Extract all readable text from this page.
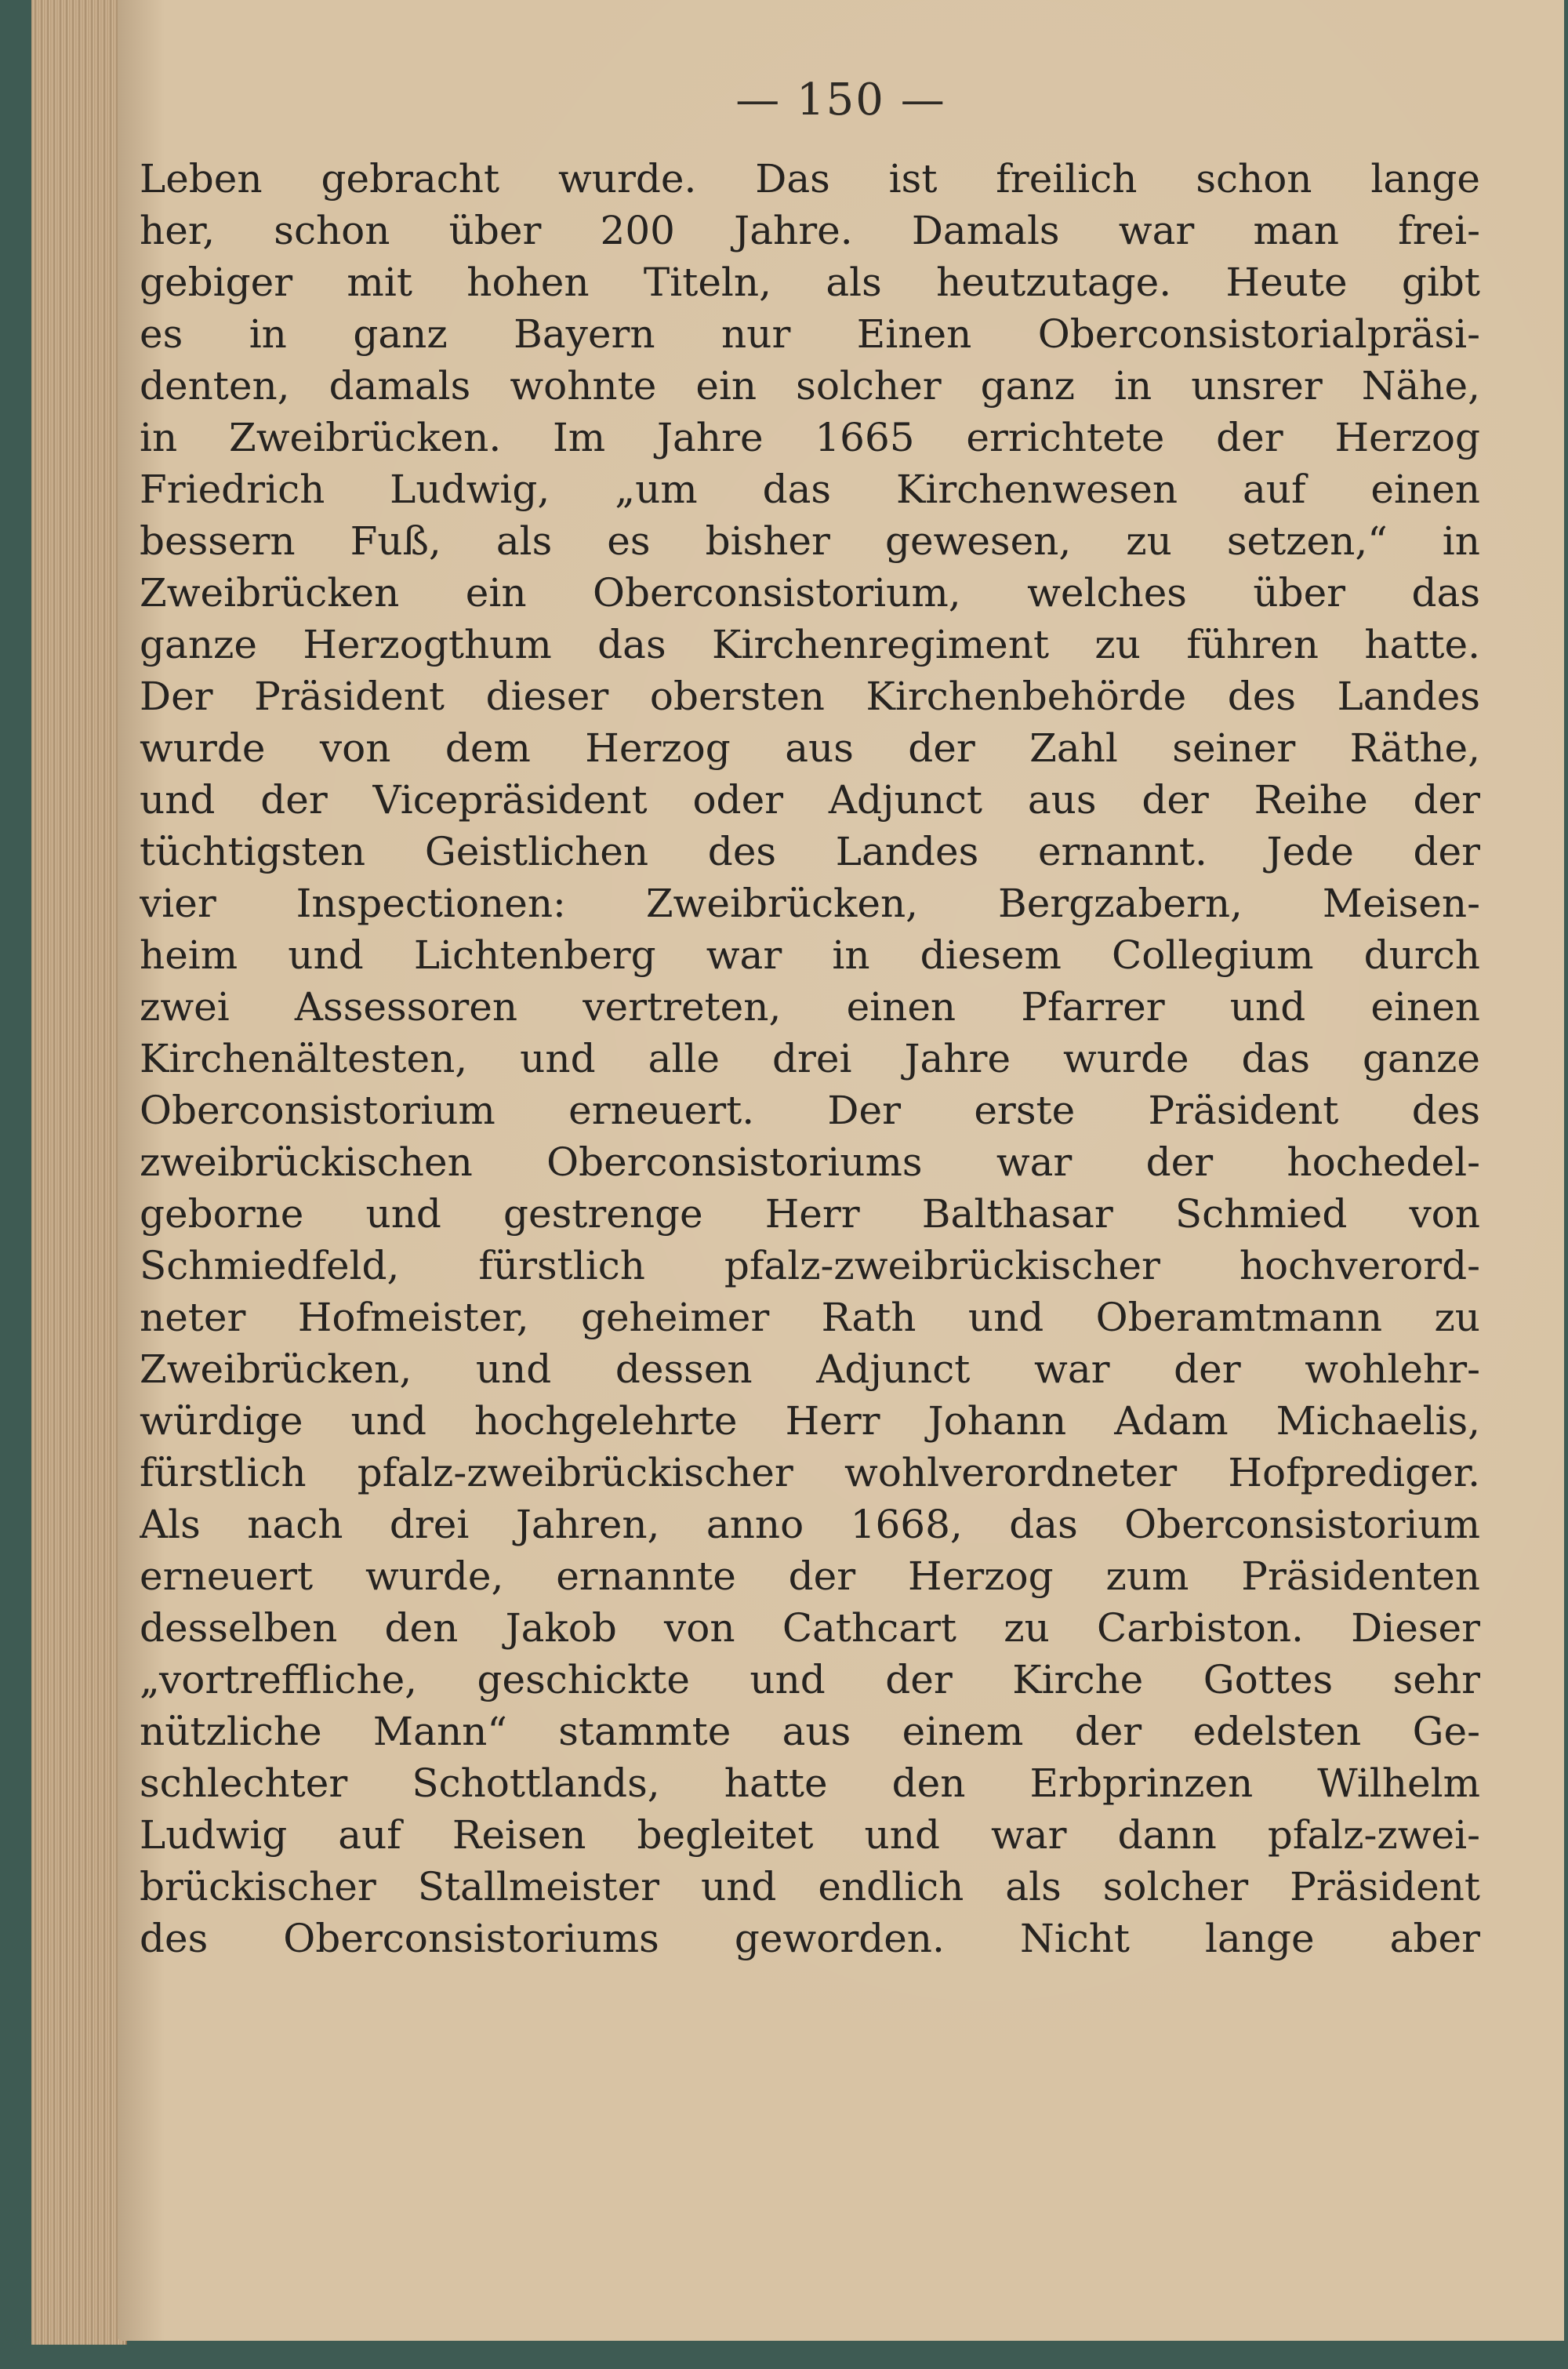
— 150 —
Leben gebracht wurde. Das ist freilich schon lange
her, schon über 200 Jahre. Damals war man frei-
gebiger mit hohen Titeln, als heutzutage. Heute gibt
es in ganz Bayern nur Einen Oberconsistorialpräsi-
denten, damals wohnte ein solcher ganz in unsrer Nähe,
in Zweibrücken. Im Jahre 1665 errichtete der Herzog
Friedrich Ludwig, „um das Kirchenwesen auf einen
bessern Fuß, als es bisher gewesen, zu setzen,“ in
Zweibrücken ein Oberconsistorium, welches über das
ganze Herzogthum das Kirchenregiment zu führen hatte.
Der Präsident dieser obersten Kirchenbehörde des Landes
wurde von dem Herzog aus der Zahl seiner Räthe,
und der Vicepräsident oder Adjunct aus der Reihe der
tüchtigsten Geistlichen des Landes ernannt. Jede der
vier Inspectionen: Zweibrücken, Bergzabern, Meisen-
heim und Lichtenberg war in diesem Collegium durch
zwei Assessoren vertreten, einen Pfarrer und einen
Kirchenältesten, und alle drei Jahre wurde das ganze
Oberconsistorium erneuert. Der erste Präsident des
zweibrückischen Oberconsistoriums war der hochedel-
geborne und gestrenge Herr Balthasar Schmied von
Schmiedfeld, fürstlich pfalz-zweibrückischer hochverord-
neter Hofmeister, geheimer Rath und Oberamtmann zu
Zweibrücken, und dessen Adjunct war der wohlehr-
würdige und hochgelehrte Herr Johann Adam Michaelis,
fürstlich pfalz-zweibrückischer wohlverordneter Hofprediger.
Als nach drei Jahren, anno 1668, das Oberconsistorium
erneuert wurde, ernannte der Herzog zum Präsidenten
desselben den Jakob von Cathcart zu Carbiston. Dieser
„vortreffliche, geschickte und der Kirche Gottes sehr
nützliche Mann“ stammte aus einem der edelsten Ge-
schlechter Schottlands, hatte den Erbprinzen Wilhelm
Ludwig auf Reisen begleitet und war dann pfalz-zwei-
brückischer Stallmeister und endlich als solcher Präsident
des Oberconsistoriums geworden. Nicht lange aber
